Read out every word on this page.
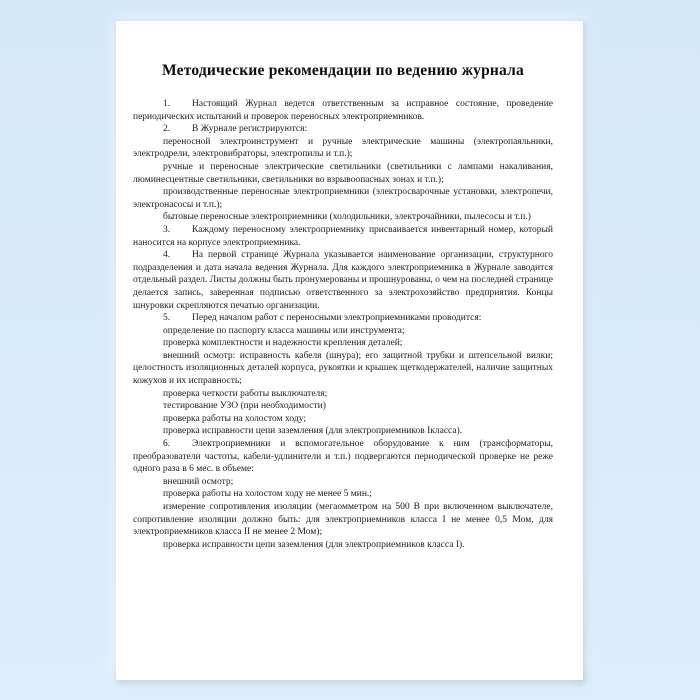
Методические рекомендации по ведению журнала

1. Настоящий Журнал ведется ответственным за исправное состояние, проведение периодических испытаний и проверок переносных электроприемников.

2. В Журнале регистрируются:

переносной электроинструмент и ручные электрические машины (электропаяльники, электродрели, электровибраторы, электропилы и т.п.);

ручные и переносные электрические светильники (светильники с лампами накаливания, люминесцентные светильники, светильники во взрывоопасных зонах и т.п.);

производственные переносные электроприемники (электросварочные установки, электропечи, электронасосы и т.п.);

бытовые переносные электроприемники (холодильники, электрочайники, пылесосы и т.п.)

3. Каждому переносному электроприемнику присваивается инвентарный номер, который наносится на корпусе электроприемника.

4. На первой странице Журнала указывается наименование организации, структурного подразделения и дата начала ведения Журнала. Для каждого электроприемника в Журнале заводится отдельный раздел. Листы должны быть пронумерованы и прошнурованы, о чем на последней странице делается запись, заверенная подписью ответственного за электрохозяйство предприятия. Концы шнуровки скрепляются печатью организации.

5. Перед началом работ с переносными электроприемниками проводится:

определение по паспорту класса машины или инструмента;

проверка комплектности и надежности крепления деталей;

внешний осмотр: исправность кабеля (шнура); его защитной трубки и штепсельной вилки; целостность изоляционных деталей корпуса, рукоятки и крышек щеткодержателей, наличие защитных кожухов и их исправность;

проверка четкости работы выключателя;

тестирование УЗО (при необходимости)

проверка работы на холостом ходу;

проверка исправности цепи заземления (для электроприемников Iкласса).

6. Электроприемники и вспомогательное оборудование к ним (трансформаторы, преобразователи частоты, кабели-удлинители и т.п.) подвергаются периодической проверке не реже одного раза в 6 мес. в объеме:

внешний осмотр;

проверка работы на холостом ходу не менее 5 мин.;

измерение сопротивления изоляции (мегаомметром на 500 В при включенном выключателе, сопротивление изоляции должно быть: для электроприемников класса I не менее 0,5 Мом, для электроприемников класса II не менее 2 Мом);

проверка исправности цепи заземления (для электроприемников класса I).
